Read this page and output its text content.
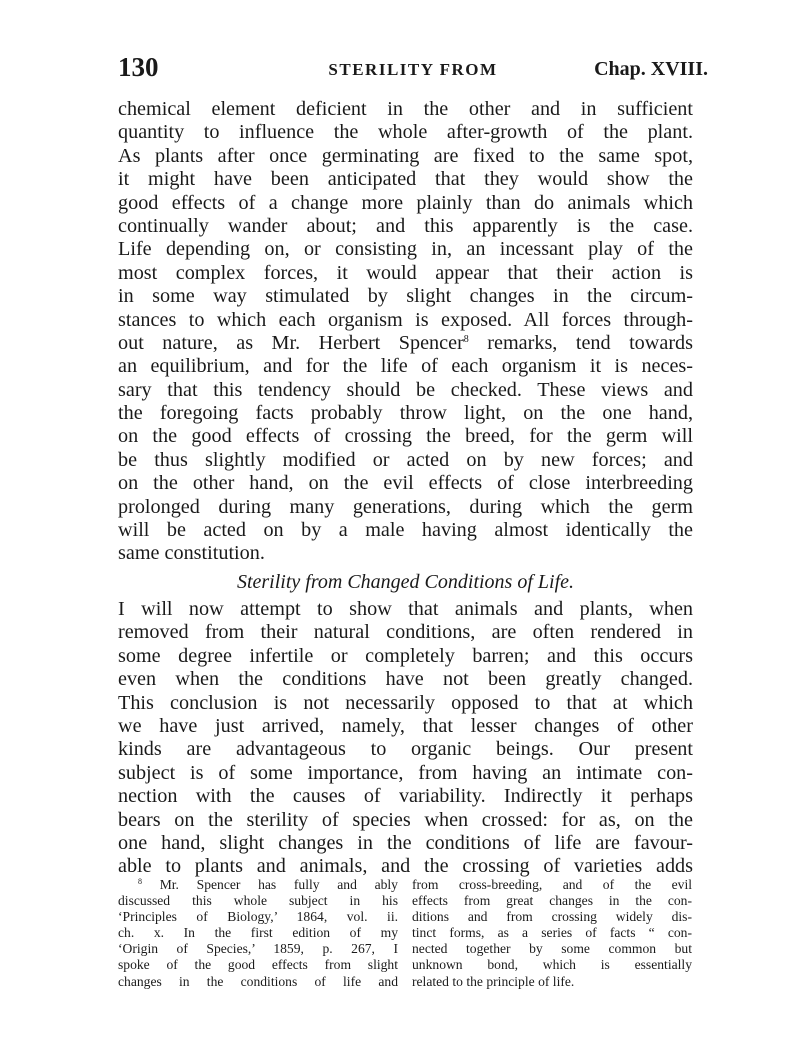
130	STERILITY FROM	Chap. XVIII.
chemical element deficient in the other and in sufficient
quantity to influence the whole after-growth of the plant.
As plants after once germinating are fixed to the same spot,
it might have been anticipated that they would show the
good effects of a change more plainly than do animals which
continually wander about; and this apparently is the case.
Life depending on, or consisting in, an incessant play of the
most complex forces, it would appear that their action is
in some way stimulated by slight changes in the circum-
stances to which each organism is exposed. All forces through-
out nature, as Mr. Herbert Spencer$^8$ remarks, tend towards
an equilibrium, and for the life of each organism it is neces-
sary that this tendency should be checked. These views and
the foregoing facts probably throw light, on the one hand,
on the good effects of crossing the breed, for the germ will
be thus slightly modified or acted on by new forces; and
on the other hand, on the evil effects of close interbreeding
prolonged during many generations, during which the germ
will be acted on by a male having almost identically the
same constitution.
Sterility from Changed Conditions of Life.
I will now attempt to show that animals and plants, when
removed from their natural conditions, are often rendered in
some degree infertile or completely barren; and this occurs
even when the conditions have not been greatly changed.
This conclusion is not necessarily opposed to that at which
we have just arrived, namely, that lesser changes of other
kinds are advantageous to organic beings. Our present
subject is of some importance, from having an intimate con-
nection with the causes of variability. Indirectly it perhaps
bears on the sterility of species when crossed: for as, on the
one hand, slight changes in the conditions of life are favour-
able to plants and animals, and the crossing of varieties adds
$^8$ Mr. Spencer has fully and ably
discussed this whole subject in his
‘Principles of Biology,’ 1864, vol. ii.
ch. x. In the first edition of my
‘Origin of Species,’ 1859, p. 267, I
spoke of the good effects from slight
changes in the conditions of life and
from cross-breeding, and of the evil
effects from great changes in the con-
ditions and from crossing widely dis-
tinct forms, as a series of facts “ con-
nected together by some common but
unknown bond, which is essentially
related to the principle of life.
